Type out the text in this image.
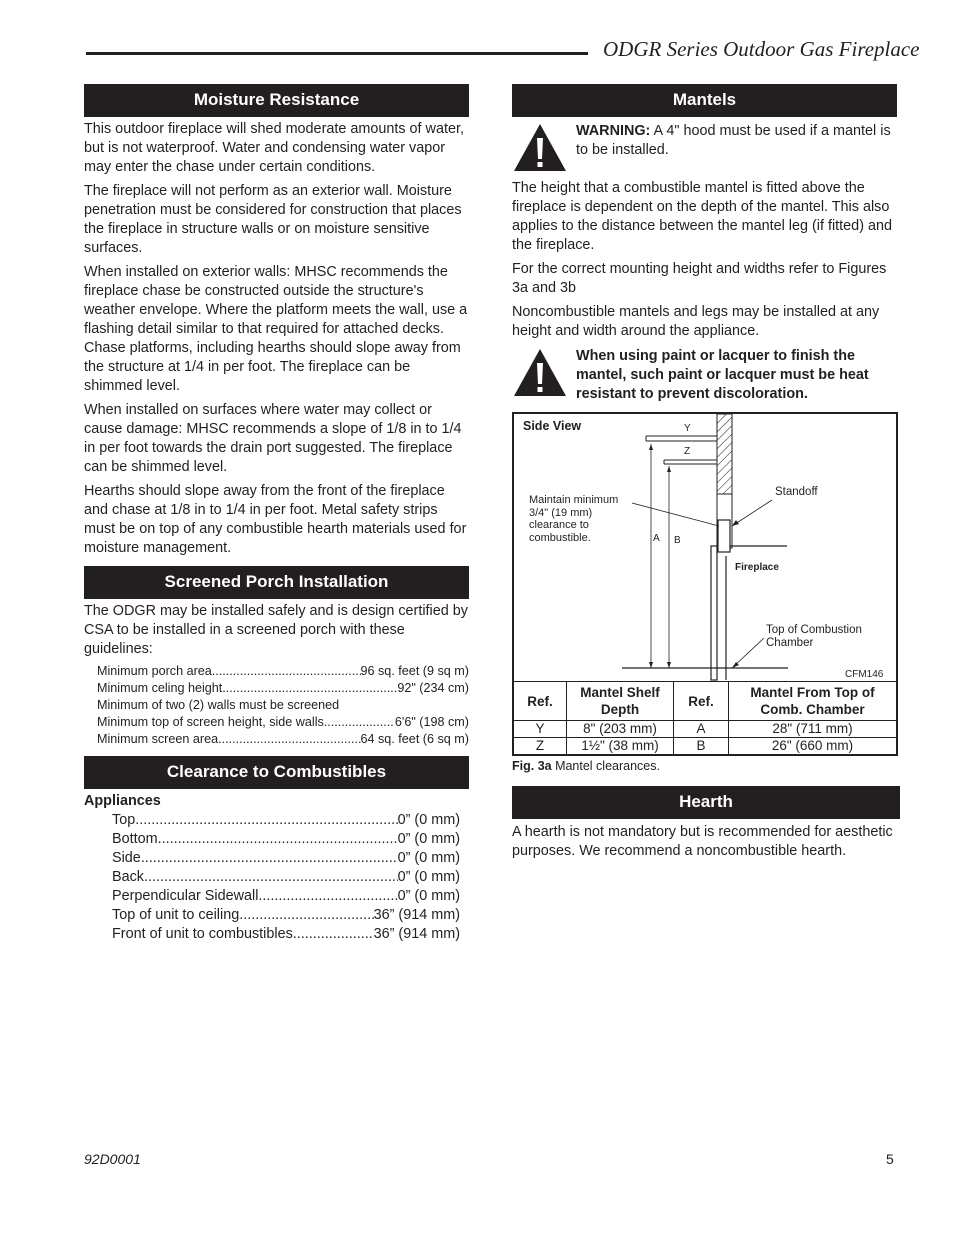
ODGR Series Outdoor Gas Fireplace
Moisture Resistance

This outdoor fireplace will shed moderate amounts of water, but is not waterproof. Water and condensing water vapor may enter the chase under certain conditions.

The fireplace will not perform as an exterior wall. Moisture penetration must be considered for construction that places the fireplace in structure walls or on moisture sensitive surfaces.

When installed on exterior walls: MHSC recommends the fireplace chase be constructed outside the structure's weather envelope. Where the platform meets the wall, use a flashing detail similar to that required for attached decks. Chase platforms, including hearths should slope away from the structure at 1/4 in per foot. The fireplace can be shimmed level.

When installed on surfaces where water may collect or cause damage: MHSC recommends a slope of 1/8 in to 1/4 in per foot towards the drain port suggested. The fireplace can be shimmed level.

Hearths should slope away from the front of the fireplace and chase at 1/8 in to 1/4 in per foot. Metal safety strips must be on top of any combustible hearth materials used for moisture management.

Screened Porch Installation

The ODGR may be installed safely and is design certified by CSA to be installed in a screened porch with these guidelines:

Minimum porch area .....	96 sq. feet (9 sq m)
Minimum celing height .....	92" (234 cm)
Minimum of two (2) walls must be screened
Minimum top of screen height, side walls .....	6'6" (198 cm)
Minimum screen area .....	64 sq. feet (6 sq m)
Clearance to Combustibles
Appliances
Top .....	0” (0 mm)
Bottom .....	0” (0 mm)
Side .....	0” (0 mm)
Back .....	0” (0 mm)
Perpendicular Sidewall .....	0” (0 mm)
Top of unit to ceiling .....	36” (914 mm)
Front of unit to combustibles .....	36” (914 mm)
Mantels
WARNING: A 4" hood must be used if a mantel is to be installed.

The height that a combustible mantel is fitted above the fireplace is dependent on the depth of the mantel. This also applies to the distance between the mantel leg (if fitted) and the fireplace.

For the correct mounting height and widths refer to Figures 3a and 3b

Noncombustible mantels and legs may be installed at any height and width around the appliance.

When using paint or lacquer to finish the mantel, such paint or lacquer must be heat resistant to prevent discoloration.
Side View	Y
Z
A B
Maintain minimum 3/4" (19 mm) clearance to combustible.
Standoff
Fireplace
Top of Combustion Chamber
CFM146
Ref.	Mantel Shelf Depth	Ref.	Mantel From Top of Comb. Chamber
Y	8" (203 mm)	A	28" (711 mm)
Z	1½" (38 mm)	B	26" (660 mm)
Fig. 3a Mantel clearances.
Hearth

A hearth is not mandatory but is recommended for aesthetic purposes. We recommend a noncombustible hearth.

92D0001	5
